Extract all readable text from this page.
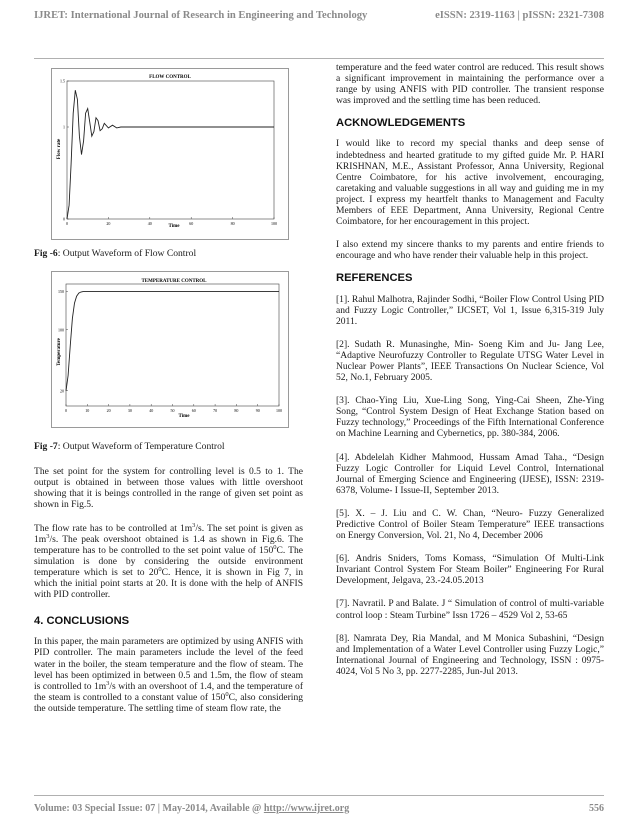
IJRET: International Journal of Research in Engineering and Technology	eISSN: 2319-1163 | pISSN: 2321-7308
FLOW CONTROL
Flow rate
Time
0	20	40	60	80	100
0
1
1.5

Fig -6: Output Waveform of Flow Control

TEMPERATURE CONTROL
Temperature
Time
0	10	20	30	40	50	60	70	80	90	100
20
100
150

Fig -7: Output Waveform of Temperature Control

The set point for the system for controlling level is 0.5 to 1. The output is obtained in between those values with little overshoot showing that it is beings controlled in the range of given set point as shown in Fig.5.

The flow rate has to be controlled at $1m^3/s$. The set point is given as $1m^3/s$. The peak overshoot obtained is 1.4 as shown in Fig.6. The temperature has to be controlled to the set point value of $150^0C$. The simulation is done by considering the outside environment temperature which is set to $20^0C$. Hence, it is shown in Fig 7, in which the initial point starts at 20. It is done with the help of ANFIS with PID controller.

4. CONCLUSIONS

In this paper, the main parameters are optimized by using ANFIS with PID controller. The main parameters include the level of the feed water in the boiler, the steam temperature and the flow of steam. The level has been optimized in between 0.5 and 1.5m, the flow of steam is controlled to $1m^3/s$ with an overshoot of 1.4, and the temperature of the steam is controlled to a constant value of $150^0C$, also considering the outside temperature. The settling time of steam flow rate, the

temperature and the feed water control are reduced. This result shows a significant improvement in maintaining the performance over a range by using ANFIS with PID controller. The transient response was improved and the settling time has been reduced.

ACKNOWLEDGEMENTS

I would like to record my special thanks and deep sense of indebtedness and hearted gratitude to my gifted guide Mr. P. HARI KRISHNAN, M.E., Assistant Professor, Anna University, Regional Centre Coimbatore, for his active involvement, encouraging, caretaking and valuable suggestions in all way and guiding me in my project. I express my heartfelt thanks to Management and Faculty Members of EEE Department, Anna University, Regional Centre Coimbatore, for her encouragement in this project.

I also extend my sincere thanks to my parents and entire friends to encourage and who have render their valuable help in this project.

REFERENCES

[1]. Rahul Malhotra, Rajinder Sodhi, “Boiler Flow Control Using PID and Fuzzy Logic Controller,” IJCSET, Vol 1, Issue 6,315-319 July 2011.

[2]. Sudath R. Munasinghe, Min- Soeng Kim and Ju- Jang Lee, “Adaptive Neurofuzzy Controller to Regulate UTSG Water Level in Nuclear Power Plants”, IEEE Transactions On Nuclear Science, Vol 52, No.1, February 2005.

[3]. Chao-Ying Liu, Xue-Ling Song, Ying-Cai Sheen, Zhe-Ying Song, “Control System Design of Heat Exchange Station based on Fuzzy technology,” Proceedings of the Fifth International Conference on Machine Learning and Cybernetics, pp. 380-384, 2006.

[4]. Abdelelah Kidher Mahmood, Hussam Amad Taha., “Design Fuzzy Logic Controller for Liquid Level Control, International Journal of Emerging Science and Engineering (IJESE), ISSN: 2319-6378, Volume- I Issue-II, September 2013.

[5]. X. – J. Liu and C. W. Chan, “Neuro- Fuzzy Generalized Predictive Control of Boiler Steam Temperature” IEEE transactions on Energy Conversion, Vol. 21, No 4, December 2006

[6]. Andris Sniders, Toms Komass, “Simulation Of Multi-Link Invariant Control System For Steam Boiler” Engineering For Rural Development, Jelgava, 23.-24.05.2013

[7]. Navratil. P and Balate. J “ Simulation of control of multi-variable control loop : Steam Turbine” Issn 1726 – 4529 Vol 2, 53-65

[8]. Namrata Dey, Ria Mandal, and M Monica Subashini, “Design and Implementation of a Water Level Controller using Fuzzy Logic,” International Journal of Engineering and Technology, ISSN : 0975-4024, Vol 5 No 3, pp. 2277-2285, Jun-Jul 2013.

Volume: 03 Special Issue: 07 | May-2014, Available @ http://www.ijret.org	556
